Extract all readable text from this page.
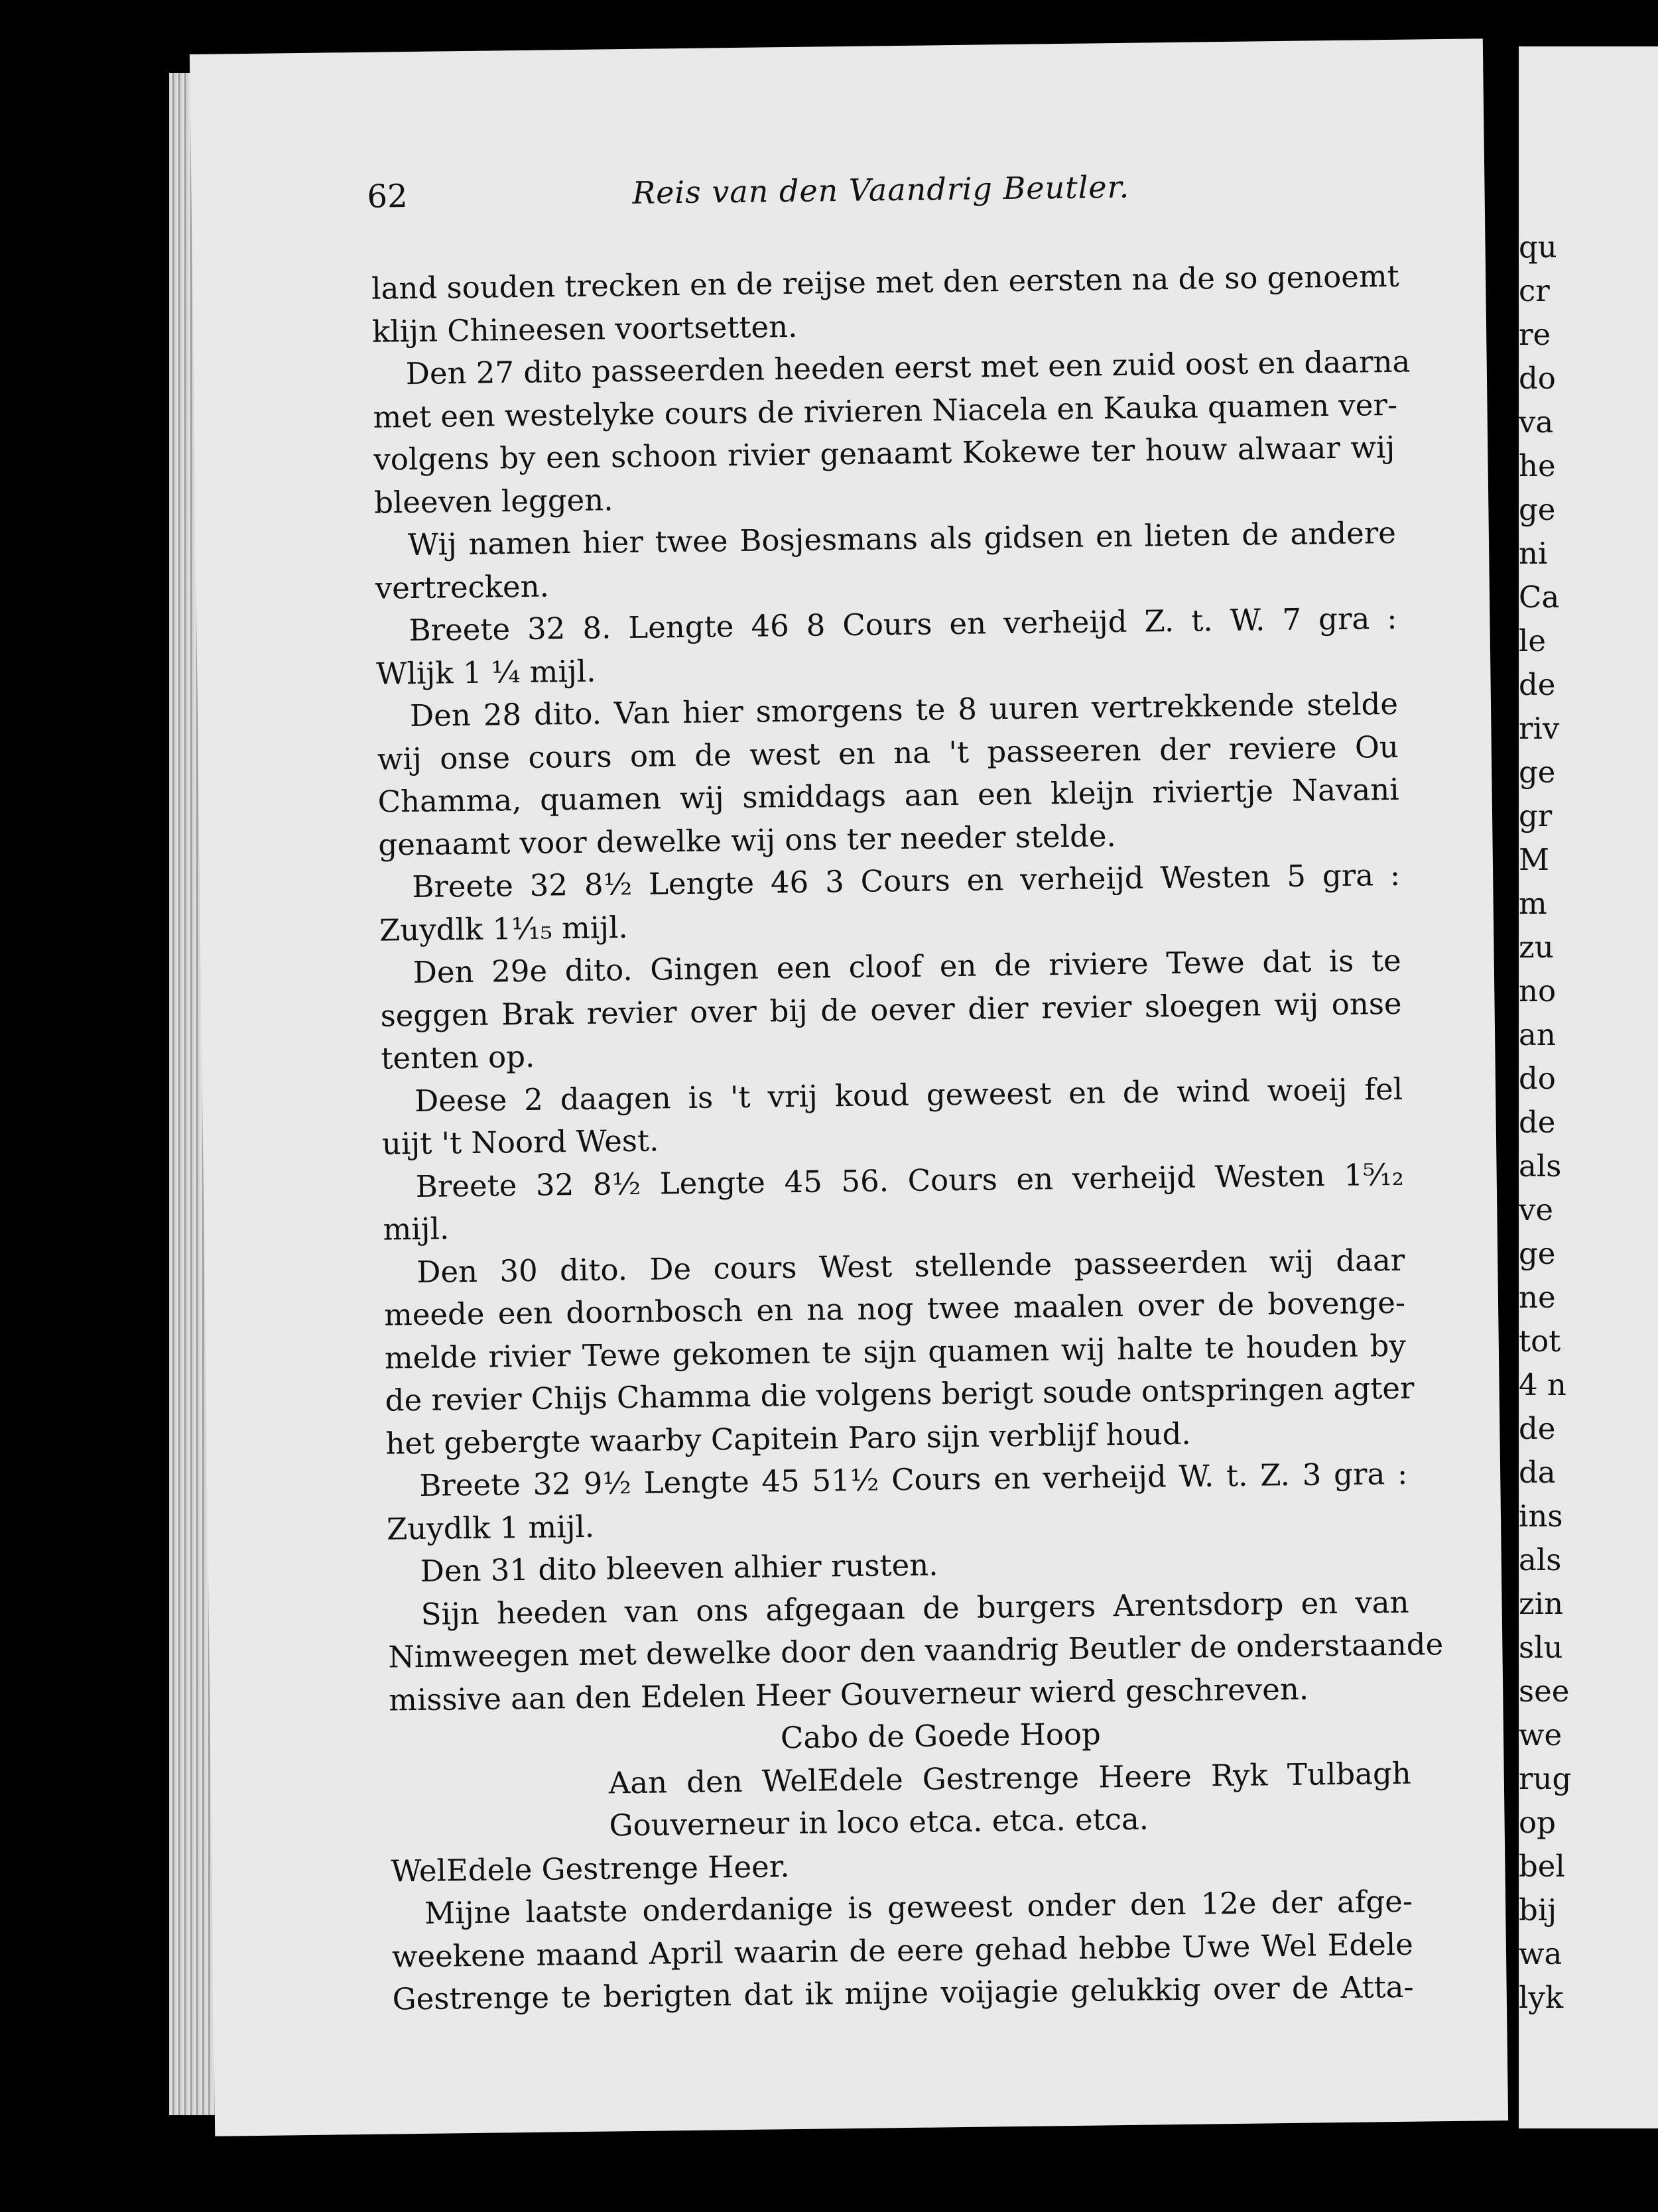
62	Reis van den Vaandrig Beutler.
land souden trecken en de reijse met den eersten na de so genoemt
klijn Chineesen voortsetten.
Den 27 dito passeerden heeden eerst met een zuid oost en daarna
met een westelyke cours de rivieren Niacela en Kauka quamen ver-
volgens by een schoon rivier genaamt Kokewe ter houw alwaar wij
bleeven leggen.
Wij namen hier twee Bosjesmans als gidsen en lieten de andere
vertrecken.
Breete 32 8. Lengte 46 8 Cours en verheijd Z. t. W. 7 gra :
Wlijk 1 ¼ mijl.
Den 28 dito. Van hier smorgens te 8 uuren vertrekkende stelde
wij onse cours om de west en na 't passeeren der reviere Ou
Chamma, quamen wij smiddags aan een kleijn riviertje Navani
genaamt voor dewelke wij ons ter needer stelde.
Breete 32 8½ Lengte 46 3 Cours en verheijd Westen 5 gra :
Zuydlk 1⅟₁₅ mijl.
Den 29e dito. Gingen een cloof en de riviere Tewe dat is te
seggen Brak revier over bij de oever dier revier sloegen wij onse
tenten op.
Deese 2 daagen is 't vrij koud geweest en de wind woeij fel
uijt 't Noord West.
Breete 32 8½ Lengte 45 56. Cours en verheijd Westen 1⁵⁄₁₂
mijl.
Den 30 dito. De cours West stellende passeerden wij daar
meede een doornbosch en na nog twee maalen over de bovenge-
melde rivier Tewe gekomen te sijn quamen wij halte te houden by
de revier Chijs Chamma die volgens berigt soude ontspringen agter
het gebergte waarby Capitein Paro sijn verblijf houd.
Breete 32 9½ Lengte 45 51½ Cours en verheijd W. t. Z. 3 gra :
Zuydlk 1 mijl.
Den 31 dito bleeven alhier rusten.
Sijn heeden van ons afgegaan de burgers Arentsdorp en van
Nimweegen met dewelke door den vaandrig Beutler de onderstaande
missive aan den Edelen Heer Gouverneur wierd geschreven.
Cabo de Goede Hoop
Aan den WelEdele Gestrenge Heere Ryk Tulbagh
Gouverneur in loco etca. etca. etca.
WelEdele Gestrenge Heer.
Mijne laatste onderdanige is geweest onder den 12e der afge-
weekene maand April waarin de eere gehad hebbe Uwe Wel Edele
Gestrenge te berigten dat ik mijne voijagie gelukkig over de Atta-
qu
cr
re
do
va
he
ge
ni
Ca
le
de
riv
ge
gr
M
m
zu
no
an
do
de
als
ve
ge
ne
tot
4 n
de
da
ins
als
zin
slu
see
we
rug
op
bel
bij
wa
lyk
